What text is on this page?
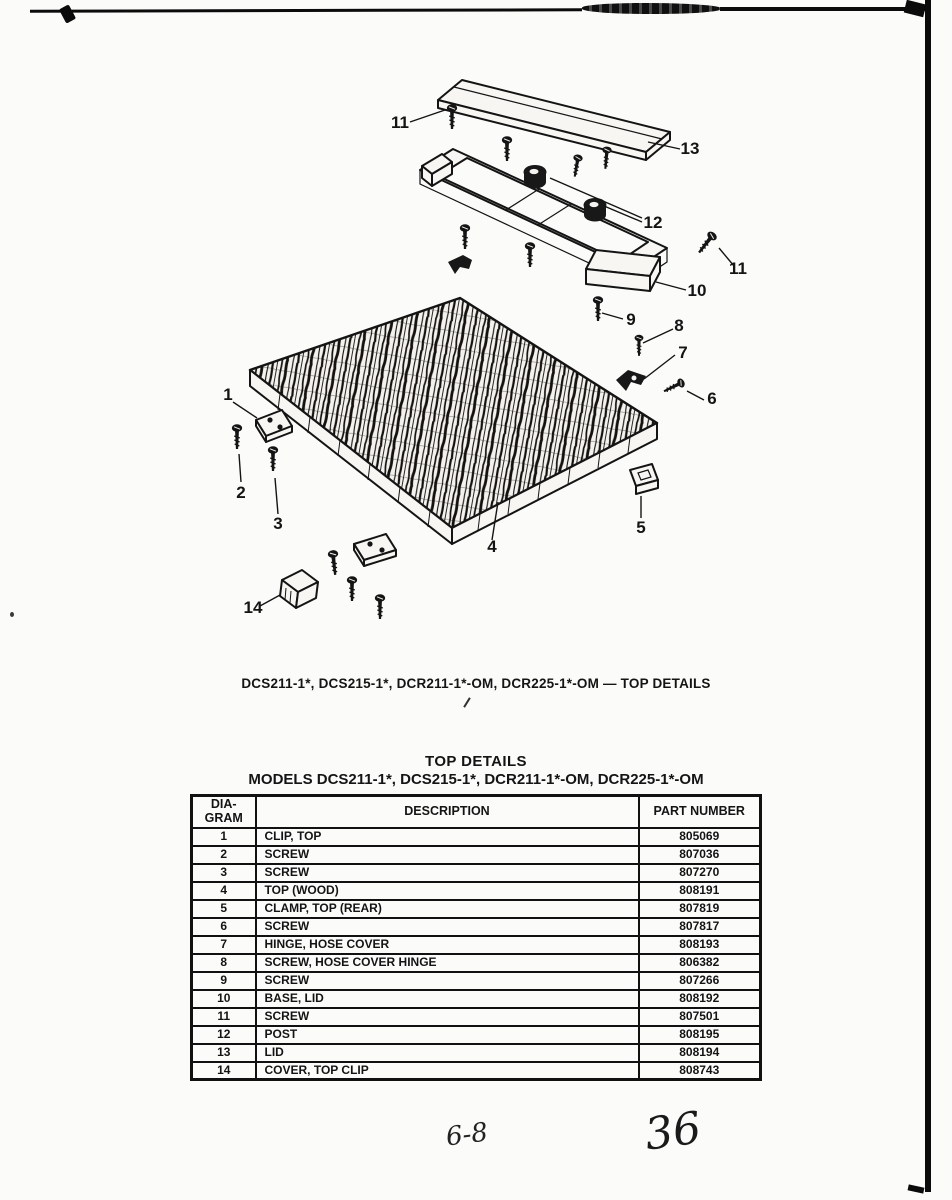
11
13
12
11
10
9 8
7
6
5
4
1
2
3
14
DCS211-1*, DCS215-1*, DCR211-1*-OM, DCR225-1*-OM — TOP DETAILS
TOP DETAILS
MODELS DCS211-1*, DCS215-1*, DCR211-1*-OM, DCR225-1*-OM
DIA-
GRAM	DESCRIPTION	PART NUMBER
1	CLIP, TOP	805069
2	SCREW	807036
3	SCREW	807270
4	TOP (WOOD)	808191
5	CLAMP, TOP (REAR)	807819
6	SCREW	807817
7	HINGE, HOSE COVER	808193
8	SCREW, HOSE COVER HINGE	806382
9	SCREW	807266
10	BASE, LID	808192
11	SCREW	807501
12	POST	808195
13	LID	808194
14	COVER, TOP CLIP	808743
6-8	36
